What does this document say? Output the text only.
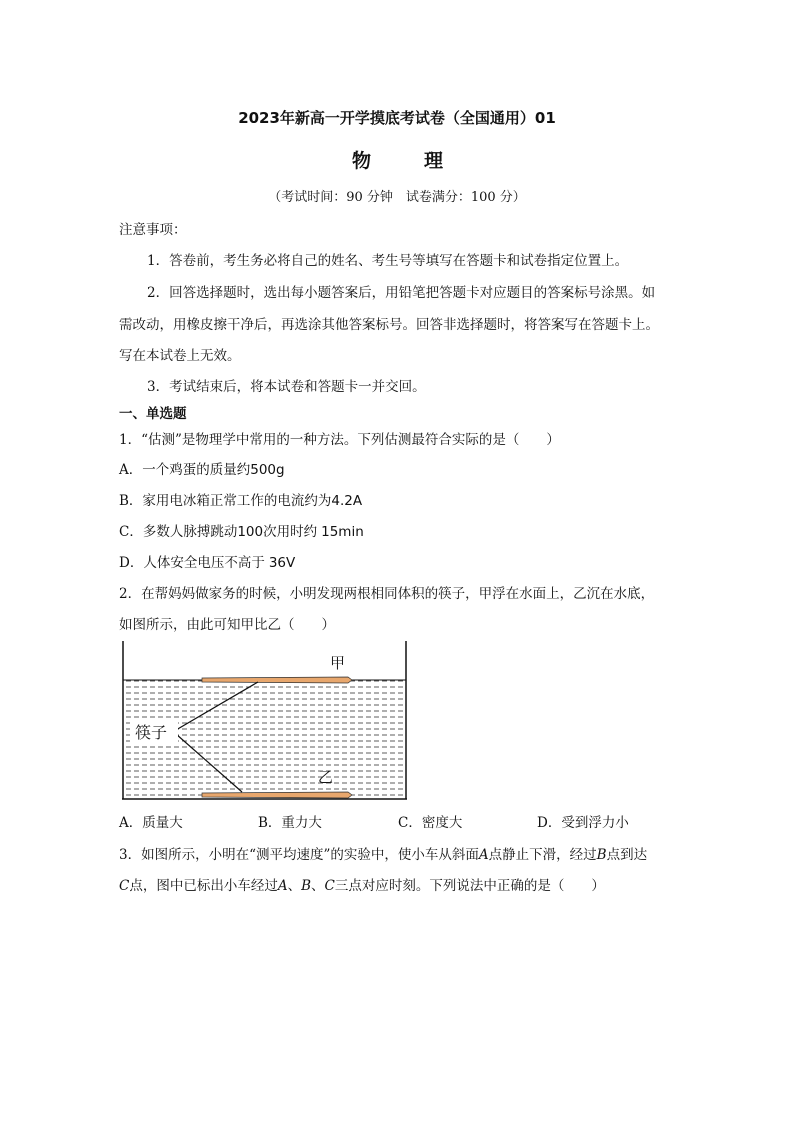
2023年新高一开学摸底考试卷（全国通用）01
物	理
（考试时间：90 分钟　试卷满分：100 分）
注意事项：
1．答卷前，考生务必将自己的姓名、考生号等填写在答题卡和试卷指定位置上。
2．回答选择题时，选出每小题答案后，用铅笔把答题卡对应题目的答案标号涂黑。如
需改动，用橡皮擦干净后，再选涂其他答案标号。回答非选择题时，将答案写在答题卡上。
写在本试卷上无效。
3．考试结束后，将本试卷和答题卡一并交回。
一、单选题
1．“估测”是物理学中常用的一种方法。下列估测最符合实际的是（　　）
A．一个鸡蛋的质量约500g
B．家用电冰箱正常工作的电流约为4.2A
C．多数人脉搏跳动100次用时约 15min
D．人体安全电压不高于 36V
2．在帮妈妈做家务的时候，小明发现两根相同体积的筷子，甲浮在水面上，乙沉在水底，
如图所示，由此可知甲比乙（　　）
筷子
甲
乙
A．质量大	B．重力大	C．密度大	D．受到浮力小
3．如图所示，小明在“测平均速度”的实验中，使小车从斜面A点静止下滑，经过B点到达
C点，图中已标出小车经过A、B、C三点对应时刻。下列说法中正确的是（　　）
